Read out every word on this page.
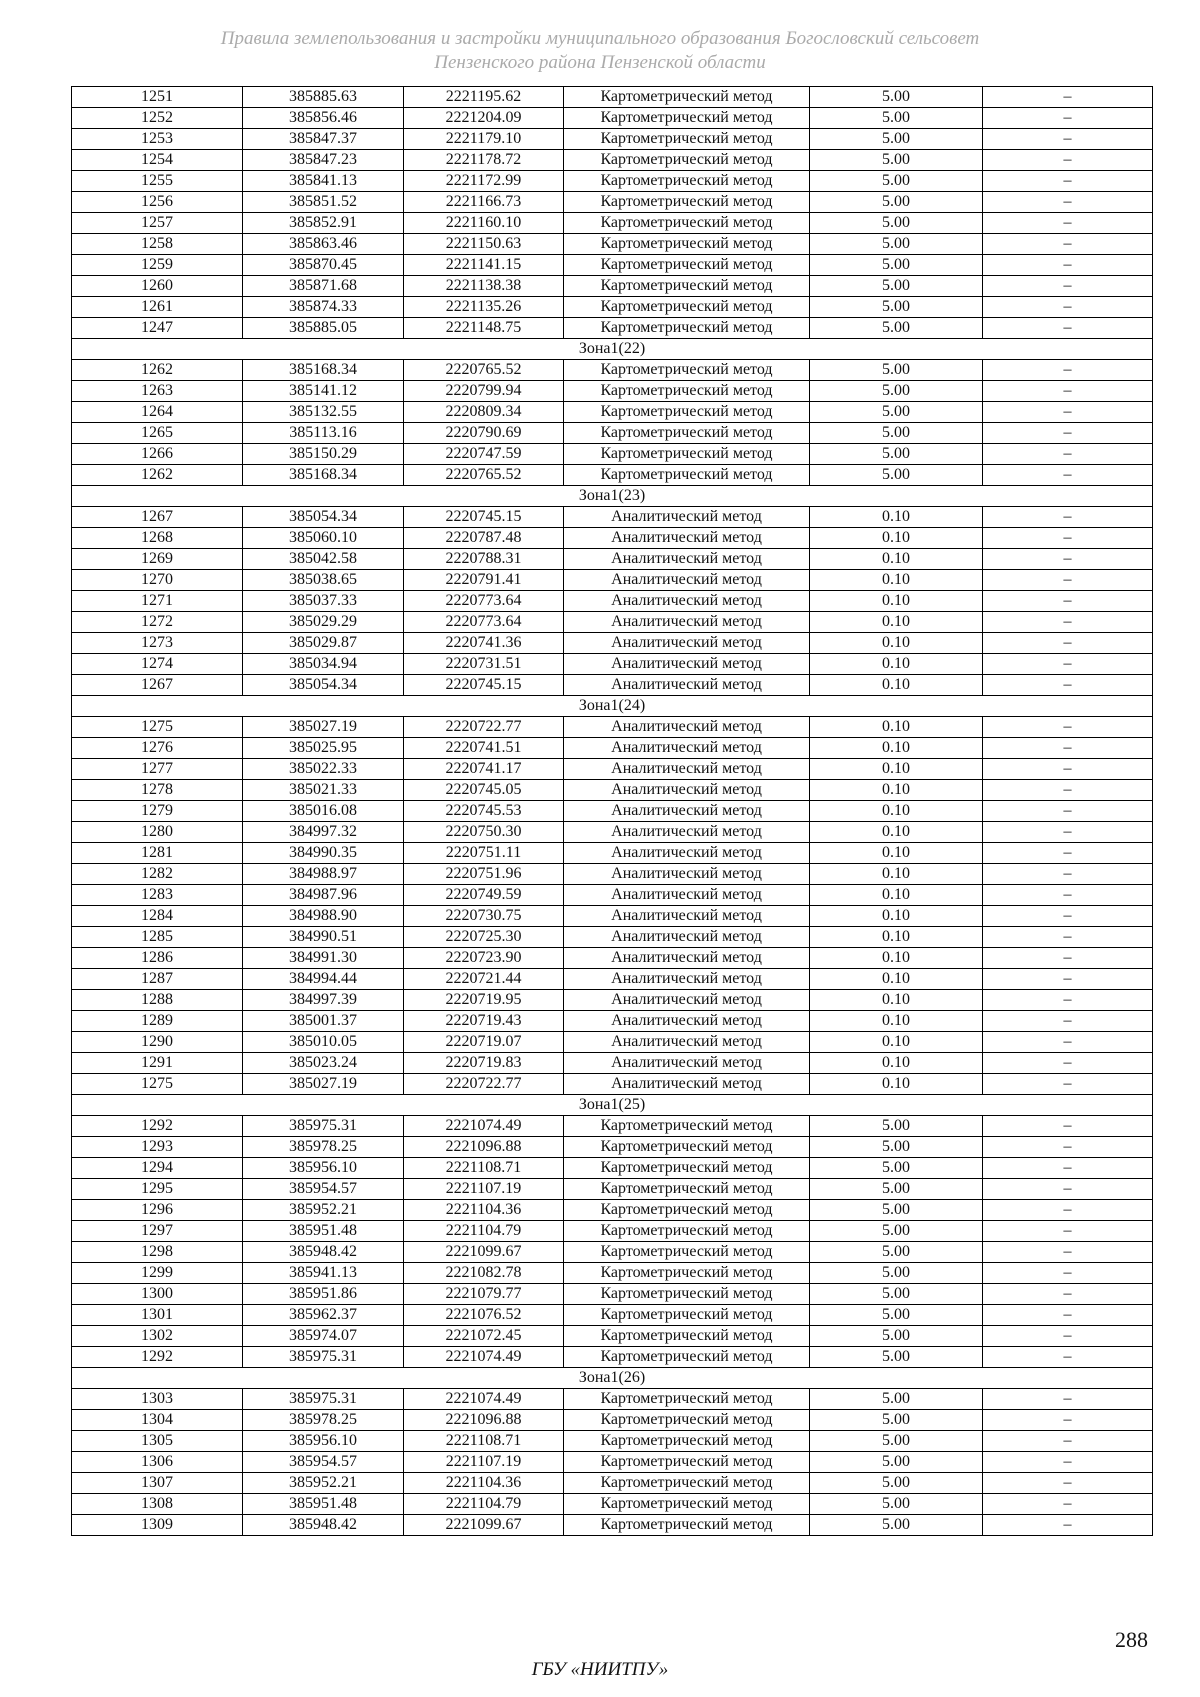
Правила землепользования и застройки муниципального образования Богословский сельсовет
Пензенского района Пензенской области
1251	385885.63	2221195.62	Картометрический метод	5.00	–
1252	385856.46	2221204.09	Картометрический метод	5.00	–
1253	385847.37	2221179.10	Картометрический метод	5.00	–
1254	385847.23	2221178.72	Картометрический метод	5.00	–
1255	385841.13	2221172.99	Картометрический метод	5.00	–
1256	385851.52	2221166.73	Картометрический метод	5.00	–
1257	385852.91	2221160.10	Картометрический метод	5.00	–
1258	385863.46	2221150.63	Картометрический метод	5.00	–
1259	385870.45	2221141.15	Картометрический метод	5.00	–
1260	385871.68	2221138.38	Картометрический метод	5.00	–
1261	385874.33	2221135.26	Картометрический метод	5.00	–
1247	385885.05	2221148.75	Картометрический метод	5.00	–
Зона1(22)					
1262	385168.34	2220765.52	Картометрический метод	5.00	–
1263	385141.12	2220799.94	Картометрический метод	5.00	–
1264	385132.55	2220809.34	Картометрический метод	5.00	–
1265	385113.16	2220790.69	Картометрический метод	5.00	–
1266	385150.29	2220747.59	Картометрический метод	5.00	–
1262	385168.34	2220765.52	Картометрический метод	5.00	–
Зона1(23)					
1267	385054.34	2220745.15	Аналитический метод	0.10	–
1268	385060.10	2220787.48	Аналитический метод	0.10	–
1269	385042.58	2220788.31	Аналитический метод	0.10	–
1270	385038.65	2220791.41	Аналитический метод	0.10	–
1271	385037.33	2220773.64	Аналитический метод	0.10	–
1272	385029.29	2220773.64	Аналитический метод	0.10	–
1273	385029.87	2220741.36	Аналитический метод	0.10	–
1274	385034.94	2220731.51	Аналитический метод	0.10	–
1267	385054.34	2220745.15	Аналитический метод	0.10	–
Зона1(24)					
1275	385027.19	2220722.77	Аналитический метод	0.10	–
1276	385025.95	2220741.51	Аналитический метод	0.10	–
1277	385022.33	2220741.17	Аналитический метод	0.10	–
1278	385021.33	2220745.05	Аналитический метод	0.10	–
1279	385016.08	2220745.53	Аналитический метод	0.10	–
1280	384997.32	2220750.30	Аналитический метод	0.10	–
1281	384990.35	2220751.11	Аналитический метод	0.10	–
1282	384988.97	2220751.96	Аналитический метод	0.10	–
1283	384987.96	2220749.59	Аналитический метод	0.10	–
1284	384988.90	2220730.75	Аналитический метод	0.10	–
1285	384990.51	2220725.30	Аналитический метод	0.10	–
1286	384991.30	2220723.90	Аналитический метод	0.10	–
1287	384994.44	2220721.44	Аналитический метод	0.10	–
1288	384997.39	2220719.95	Аналитический метод	0.10	–
1289	385001.37	2220719.43	Аналитический метод	0.10	–
1290	385010.05	2220719.07	Аналитический метод	0.10	–
1291	385023.24	2220719.83	Аналитический метод	0.10	–
1275	385027.19	2220722.77	Аналитический метод	0.10	–
Зона1(25)					
1292	385975.31	2221074.49	Картометрический метод	5.00	–
1293	385978.25	2221096.88	Картометрический метод	5.00	–
1294	385956.10	2221108.71	Картометрический метод	5.00	–
1295	385954.57	2221107.19	Картометрический метод	5.00	–
1296	385952.21	2221104.36	Картометрический метод	5.00	–
1297	385951.48	2221104.79	Картометрический метод	5.00	–
1298	385948.42	2221099.67	Картометрический метод	5.00	–
1299	385941.13	2221082.78	Картометрический метод	5.00	–
1300	385951.86	2221079.77	Картометрический метод	5.00	–
1301	385962.37	2221076.52	Картометрический метод	5.00	–
1302	385974.07	2221072.45	Картометрический метод	5.00	–
1292	385975.31	2221074.49	Картометрический метод	5.00	–
Зона1(26)					
1303	385975.31	2221074.49	Картометрический метод	5.00	–
1304	385978.25	2221096.88	Картометрический метод	5.00	–
1305	385956.10	2221108.71	Картометрический метод	5.00	–
1306	385954.57	2221107.19	Картометрический метод	5.00	–
1307	385952.21	2221104.36	Картометрический метод	5.00	–
1308	385951.48	2221104.79	Картометрический метод	5.00	–
1309	385948.42	2221099.67	Картометрический метод	5.00	–
288
ГБУ «НИИТПУ»
